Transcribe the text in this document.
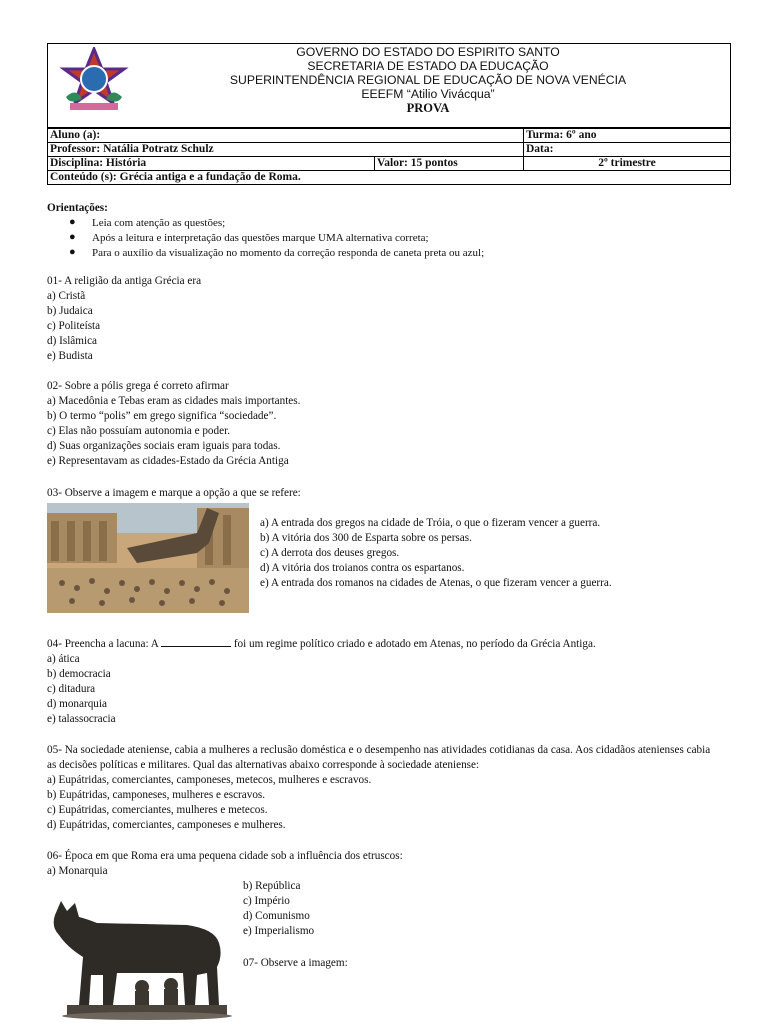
GOVERNO DO ESTADO DO ESPIRITO SANTO
SECRETARIA DE ESTADO DA EDUCAÇÃO
SUPERINTENDÊNCIA REGIONAL DE EDUCAÇÃO DE NOVA VENÉCIA
EEEFM “Atilio Vivácqua”
PROVA
Aluno (a):		Turma: 6º ano
Professor: Natália Potratz Schulz		Data:
Disciplina: História	Valor: 15 pontos	2º trimestre
Conteúdo (s): Grécia antiga e a fundação de Roma.		
Orientações:
● Leia com atenção as questões;
● Após a leitura e interpretação das questões marque UMA alternativa correta;
● Para o auxílio da visualização no momento da correção responda de caneta preta ou azul;
01- A religião da antiga Grécia era
a) Cristã
b) Judaica
c) Politeísta
d) Islâmica
e) Budista
02- Sobre a pólis grega é correto afirmar
a) Macedônia e Tebas eram as cidades mais importantes.
b) O termo “polis” em grego significa “sociedade”.
c) Elas não possuíam autonomia e poder.
d) Suas organizações sociais eram iguais para todas.
e) Representavam as cidades-Estado da Grécia Antiga
03- Observe a imagem e marque a opção a que se refere:
a) A entrada dos gregos na cidade de Tróia, o que o fizeram vencer a guerra.
b) A vitória dos 300 de Esparta sobre os persas.
c) A derrota dos deuses gregos.
d) A vitória dos troianos contra os espartanos.
e) A entrada dos romanos na cidades de Atenas, o que fizeram vencer a guerra.
04- Preencha a lacuna: A	foi um regime político criado e adotado em Atenas, no período da Grécia Antiga.
a) ática
b) democracia
c) ditadura
d) monarquia
e) talassocracia
05- Na sociedade ateniense, cabia a mulheres a reclusão doméstica e o desempenho nas atividades cotidianas da casa. Aos cidadãos atenienses cabia as decisões políticas e militares. Qual das alternativas abaixo corresponde à sociedade ateniense:
a) Eupátridas, comerciantes, camponeses, metecos, mulheres e escravos.
b) Eupátridas, camponeses, mulheres e escravos.
c) Eupátridas, comerciantes, mulheres e metecos.
d) Eupátridas, comerciantes, camponeses e mulheres.
06- Época em que Roma era uma pequena cidade sob a influência dos etruscos:
a) Monarquia
b) República
c) Império
d) Comunismo
e) Imperialismo
07- Observe a imagem:
